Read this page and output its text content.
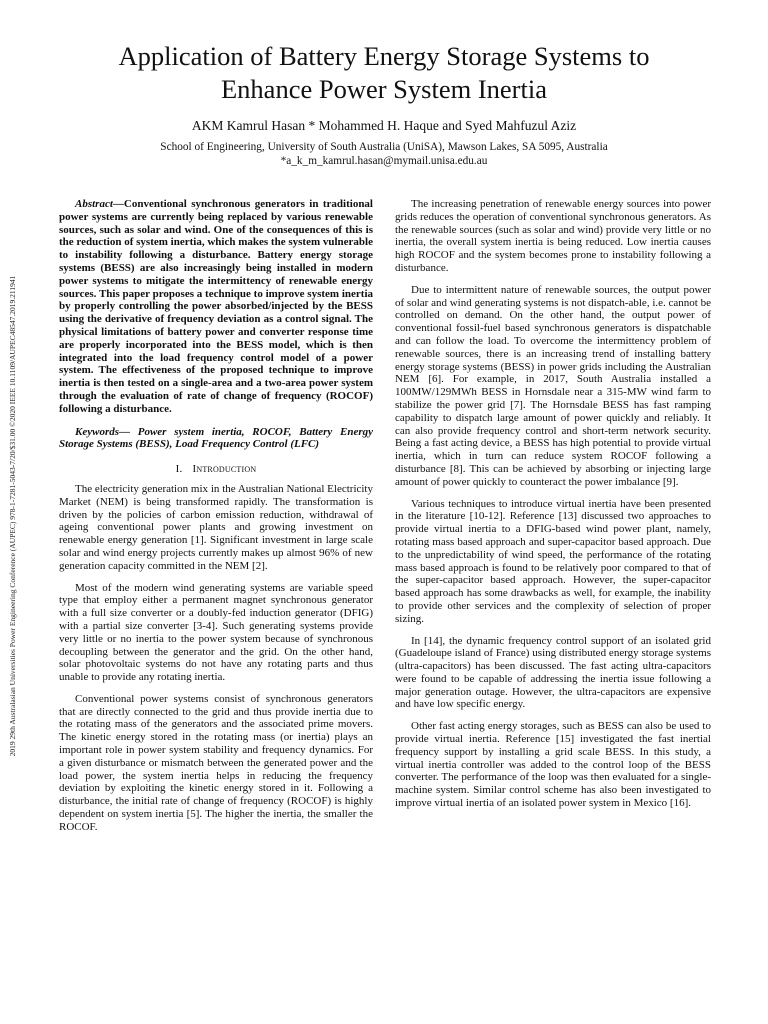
2019 29th Australasian Universities Power Engineering Conference (AUPEC) 978-1-7281-5043-7/20/$31.00 ©2020 IEEE 10.1109/AUPEC48547.2019.211941
Application of Battery Energy Storage Systems to
Enhance Power System Inertia
AKM Kamrul Hasan * Mohammed H. Haque and Syed Mahfuzul Aziz
School of Engineering, University of South Australia (UniSA), Mawson Lakes, SA 5095, Australia
*a_k_m_kamrul.hasan@mymail.unisa.edu.au

Abstract—Conventional synchronous generators in traditional power systems are currently being replaced by various renewable sources, such as solar and wind. One of the consequences of this is the reduction of system inertia, which makes the system vulnerable to instability following a disturbance. Battery energy storage systems (BESS) are also increasingly being installed in modern power systems to mitigate the intermittency of renewable energy sources. This paper proposes a technique to improve system inertia by properly controlling the power absorbed/injected by the BESS using the derivative of frequency deviation as a control signal. The physical limitations of battery power and converter response time are properly incorporated into the BESS model, which is then integrated into the load frequency control model of a power system. The effectiveness of the proposed technique to improve inertia is then tested on a single-area and a two-area power system through the evaluation of rate of change of frequency (ROCOF) following a disturbance.

Keywords— Power system inertia, ROCOF, Battery Energy Storage Systems (BESS), Load Frequency Control (LFC)

I. Introduction

The electricity generation mix in the Australian National Electricity Market (NEM) is being transformed rapidly. The transformation is driven by the policies of carbon emission reduction, withdrawal of ageing conventional power plants and growing investment on renewable energy generation [1]. Significant investment in large scale solar and wind energy projects currently makes up almost 96% of new generation capacity committed in the NEM [2].

Most of the modern wind generating systems are variable speed type that employ either a permanent magnet synchronous generator with a full size converter or a doubly-fed induction generator (DFIG) with a partial size converter [3-4]. Such generating systems provide very little or no inertia to the power system because of synchronous decoupling between the generator and the grid. On the other hand, solar photovoltaic systems do not have any rotating parts and thus unable to provide any rotating inertia.

Conventional power systems consist of synchronous generators that are directly connected to the grid and thus provide inertia due to the rotating mass of the generators and the associated prime movers. The kinetic energy stored in the rotating mass (or inertia) plays an important role in power system stability and frequency dynamics. For a given disturbance or mismatch between the generated power and the load power, the system inertia helps in reducing the frequency deviation by exploiting the kinetic energy stored in it. Following a disturbance, the initial rate of change of frequency (ROCOF) is highly dependent on system inertia [5]. The higher the inertia, the smaller the ROCOF.

The increasing penetration of renewable energy sources into power grids reduces the operation of conventional synchronous generators. As the renewable sources (such as solar and wind) provide very little or no inertia, the overall system inertia is being reduced. Low inertia causes high ROCOF and the system becomes prone to instability following a disturbance.

Due to intermittent nature of renewable sources, the output power of solar and wind generating systems is not dispatch-able, i.e. cannot be controlled on demand. On the other hand, the output power of conventional fossil-fuel based synchronous generators is dispatchable and can follow the load. To overcome the intermittency problem of renewable sources, there is an increasing trend of installing battery energy storage systems (BESS) in power grids including the Australian NEM [6]. For example, in 2017, South Australia installed a 100MW/129MWh BESS in Hornsdale near a 315-MW wind farm to stabilize the power grid [7]. The Hornsdale BESS has fast ramping capability to dispatch large amount of power quickly and reliably. It can also provide frequency control and short-term network security. Being a fast acting device, a BESS has high potential to provide virtual inertia, which in turn can reduce system ROCOF following a disturbance [8]. This can be achieved by absorbing or injecting large amount of power quickly to counteract the power imbalance [9].

Various techniques to introduce virtual inertia have been presented in the literature [10-12]. Reference [13] discussed two approaches to provide virtual inertia to a DFIG-based wind power plant, namely, rotating mass based approach and super-capacitor based approach. Due to the unpredictability of wind speed, the performance of the rotating mass based approach is found to be relatively poor compared to that of the super-capacitor based approach. However, the super-capacitor based approach has some drawbacks as well, for example, the inability to provide other services and the complexity of selection of proper sizing.

In [14], the dynamic frequency control support of an isolated grid (Guadeloupe island of France) using distributed energy storage systems (ultra-capacitors) has been discussed. The fast acting ultra-capacitors were found to be capable of addressing the inertia issue following a major generation outage. However, the ultra-capacitors are expensive and have low specific energy.

Other fast acting energy storages, such as BESS can also be used to provide virtual inertia. Reference [15] investigated the fast inertial frequency support by installing a grid scale BESS. In this study, a virtual inertia controller was added to the control loop of the BESS converter. The performance of the loop was then evaluated for a single-machine system. Similar control scheme has also been investigated to improve virtual inertia of an isolated power system in Mexico [16].
